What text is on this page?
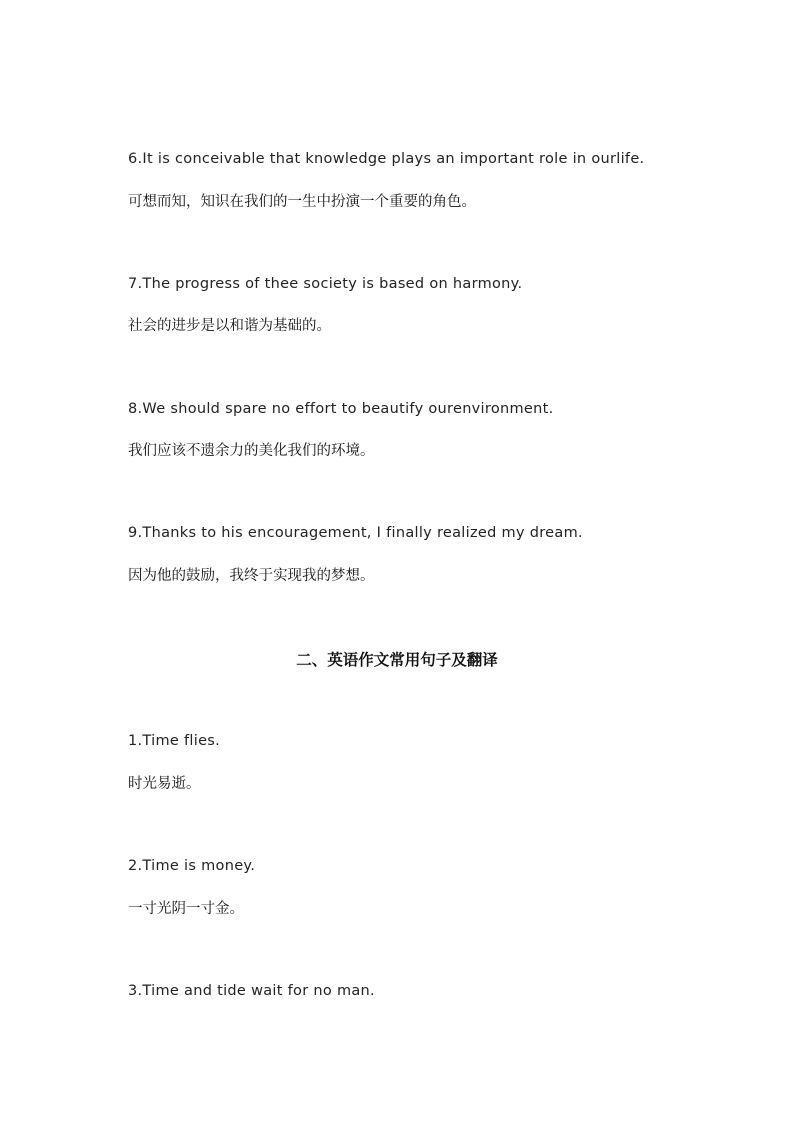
6.It is conceivable that knowledge plays an important role in ourlife.
可想而知，知识在我们的一生中扮演一个重要的角色。
7.The progress of thee society is based on harmony.
社会的进步是以和谐为基础的。
8.We should spare no effort to beautify ourenvironment.
我们应该不遗余力的美化我们的环境。
9.Thanks to his encouragement, I finally realized my dream.
因为他的鼓励，我终于实现我的梦想。
二、英语作文常用句子及翻译
1.Time flies.
时光易逝。
2.Time is money.
一寸光阴一寸金。
3.Time and tide wait for no man.
